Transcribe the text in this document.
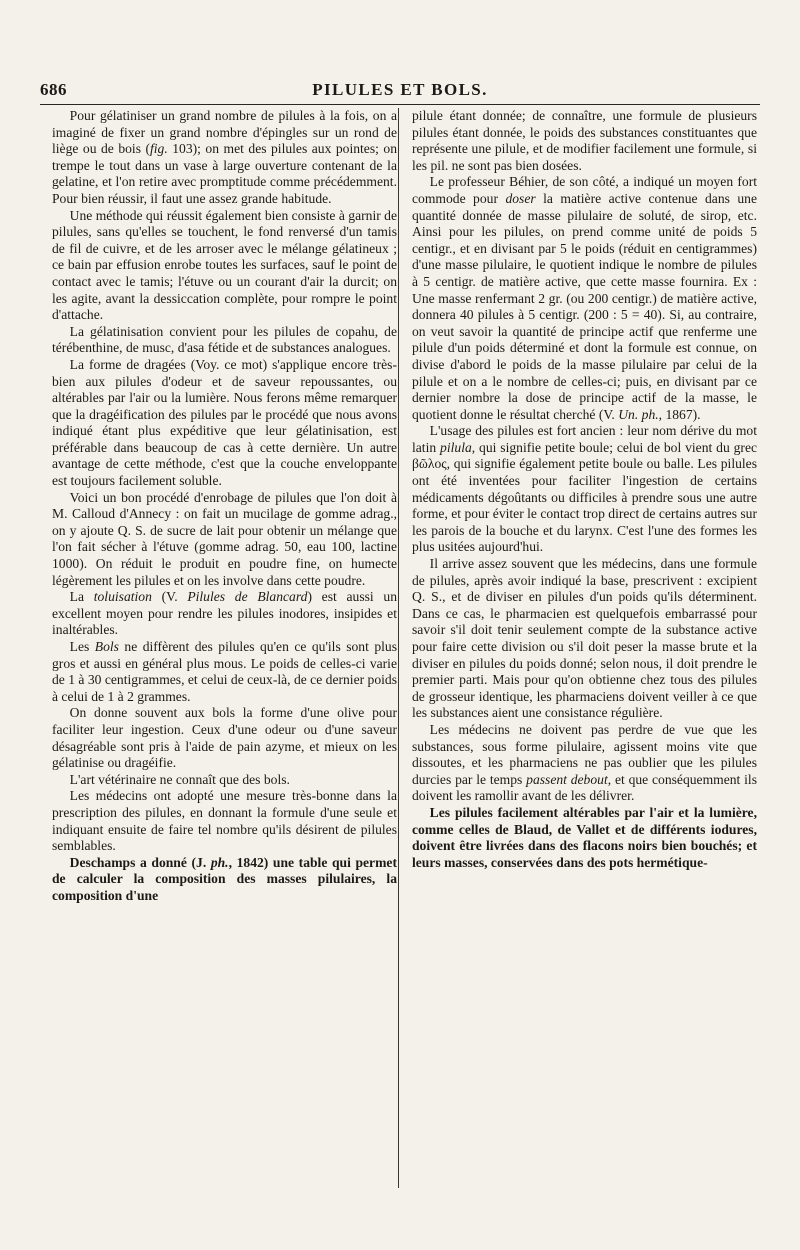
686	PILULES ET BOLS.

Pour gélatiniser un grand nombre de pilules à la fois, on a imaginé de fixer un grand nombre d'épingles sur un rond de liège ou de bois (fig. 103); on met des pilules aux pointes; on trempe le tout dans un vase à large ouverture contenant de la gelatine, et l'on retire avec promptitude comme précédemment. Pour bien réussir, il faut une assez grande habitude.

Une méthode qui réussit également bien consiste à garnir de pilules, sans qu'elles se touchent, le fond renversé d'un tamis de fil de cuivre, et de les arroser avec le mélange gélatineux ; ce bain par effusion enrobe toutes les surfaces, sauf le point de contact avec le tamis; l'étuve ou un courant d'air la durcit; on les agite, avant la dessiccation complète, pour rompre le point d'attache.

La gélatinisation convient pour les pilules de copahu, de térébenthine, de musc, d'asa fétide et de substances analogues.

La forme de dragées (Voy. ce mot) s'applique encore très-bien aux pilules d'odeur et de saveur repoussantes, ou altérables par l'air ou la lumière. Nous ferons même remarquer que la dragéification des pilules par le procédé que nous avons indiqué étant plus expéditive que leur gélatinisation, est préférable dans beaucoup de cas à cette dernière. Un autre avantage de cette méthode, c'est que la couche enveloppante est toujours facilement soluble.

Voici un bon procédé d'enrobage de pilules que l'on doit à M. Calloud d'Annecy : on fait un mucilage de gomme adrag., on y ajoute Q. S. de sucre de lait pour obtenir un mélange que l'on fait sécher à l'étuve (gomme adrag. 50, eau 100, lactine 1000). On réduit le produit en poudre fine, on humecte légèrement les pilules et on les involve dans cette poudre.

La toluisation (V. Pilules de Blancard) est aussi un excellent moyen pour rendre les pilules inodores, insipides et inaltérables.

Les Bols ne diffèrent des pilules qu'en ce qu'ils sont plus gros et aussi en général plus mous. Le poids de celles-ci varie de 1 à 30 centigrammes, et celui de ceux-là, de ce dernier poids à celui de 1 à 2 grammes.

On donne souvent aux bols la forme d'une olive pour faciliter leur ingestion. Ceux d'une odeur ou d'une saveur désagréable sont pris à l'aide de pain azyme, et mieux on les gélatinise ou dragéifie.

L'art vétérinaire ne connaît que des bols.

Les médecins ont adopté une mesure très-bonne dans la prescription des pilules, en donnant la formule d'une seule et indiquant ensuite de faire tel nombre qu'ils désirent de pilules semblables.

Deschamps a donné (J. ph., 1842) une table qui permet de calculer la composition des masses pilulaires, la composition d'une

pilule étant donnée; de connaître, une formule de plusieurs pilules étant donnée, le poids des substances constituantes que représente une pilule, et de modifier facilement une formule, si les pil. ne sont pas bien dosées.

Le professeur Béhier, de son côté, a indiqué un moyen fort commode pour doser la matière active contenue dans une quantité donnée de masse pilulaire de soluté, de sirop, etc. Ainsi pour les pilules, on prend comme unité de poids 5 centigr., et en divisant par 5 le poids (réduit en centigrammes) d'une masse pilulaire, le quotient indique le nombre de pilules à 5 centigr. de matière active, que cette masse fournira. Ex : Une masse renfermant 2 gr. (ou 200 centigr.) de matière active, donnera 40 pilules à 5 centigr. (200 : 5 = 40). Si, au contraire, on veut savoir la quantité de principe actif que renferme une pilule d'un poids déterminé et dont la formule est connue, on divise d'abord le poids de la masse pilulaire par celui de la pilule et on a le nombre de celles-ci; puis, en divisant par ce dernier nombre la dose de principe actif de la masse, le quotient donne le résultat cherché (V. Un. ph., 1867).

L'usage des pilules est fort ancien : leur nom dérive du mot latin pilula, qui signifie petite boule; celui de bol vient du grec βῶλος, qui signifie également petite boule ou balle. Les pilules ont été inventées pour faciliter l'ingestion de certains médicaments dégoûtants ou difficiles à prendre sous une autre forme, et pour éviter le contact trop direct de certains autres sur les parois de la bouche et du larynx. C'est l'une des formes les plus usitées aujourd'hui.

Il arrive assez souvent que les médecins, dans une formule de pilules, après avoir indiqué la base, prescrivent : excipient Q. S., et de diviser en pilules d'un poids qu'ils déterminent. Dans ce cas, le pharmacien est quelquefois embarrassé pour savoir s'il doit tenir seulement compte de la substance active pour faire cette division ou s'il doit peser la masse brute et la diviser en pilules du poids donné; selon nous, il doit prendre le premier parti. Mais pour qu'on obtienne chez tous des pilules de grosseur identique, les pharmaciens doivent veiller à ce que les substances aient une consistance régulière.

Les médecins ne doivent pas perdre de vue que les substances, sous forme pilulaire, agissent moins vite que dissoutes, et les pharmaciens ne pas oublier que les pilules durcies par le temps passent debout, et que conséquemment ils doivent les ramollir avant de les délivrer.

Les pilules facilement altérables par l'air et la lumière, comme celles de Blaud, de Vallet et de différents iodures, doivent être livrées dans des flacons noirs bien bouchés; et leurs masses, conservées dans des pots hermétique-
